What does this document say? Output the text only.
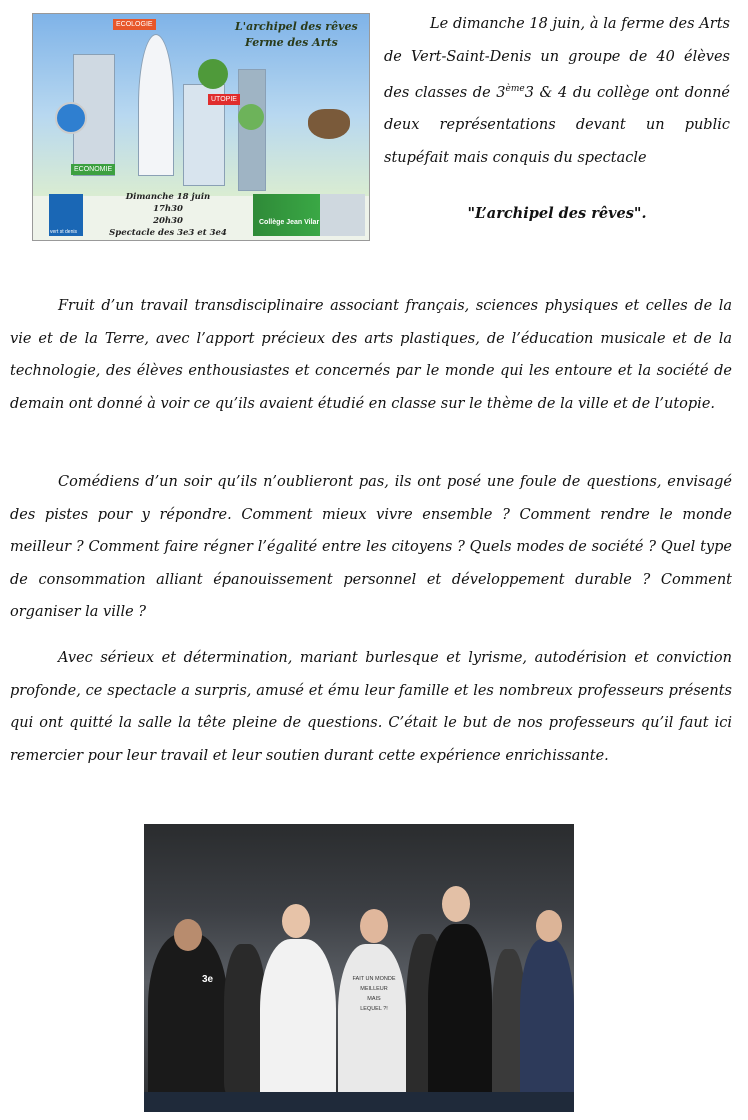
ECOLOGIE
UTOPIE
ECONOMIE
L'archipel des rêves
Ferme des Arts
vert st denis
Dimanche 18 juin
17h30
20h30
Spectacle des 3e3 et 3e4
Collège Jean Vilar

Le dimanche 18 juin, à la ferme des Arts de Vert-Saint-Denis un groupe de 40 élèves des classes de 3ème3 & 4 du collège ont donné deux représentations devant un public stupéfait mais conquis du spectacle

"L’archipel des rêves".

Fruit d’un travail transdisciplinaire associant français, sciences physiques et celles de la vie et de la Terre, avec l’apport précieux des arts plastiques, de l’éducation musicale et de la technologie, des élèves enthousiastes et concernés par le monde qui les entoure et la société de demain ont donné à voir ce qu’ils avaient étudié en classe sur le thème de la ville et de l’utopie.

Comédiens d’un soir qu’ils n’oublieront pas, ils ont posé une foule de questions, envisagé des pistes pour y répondre. Comment mieux vivre ensemble ? Comment rendre le monde meilleur ? Comment faire régner l’égalité entre les citoyens ? Quels modes de société ? Quel type de consommation alliant épanouissement personnel et développement durable ? Comment organiser la ville ?

Avec sérieux et détermination, mariant burlesque et lyrisme, autodérision et conviction profonde, ce spectacle a surpris, amusé et ému leur famille et les nombreux professeurs présents qui ont quitté la salle la tête pleine de questions. C’était le but de nos professeurs qu’il faut ici remercier pour leur travail et leur soutien durant cette expérience enrichissante.

3e	FAIT UN MONDE
MEILLEUR
MAIS
LEQUEL ?!
